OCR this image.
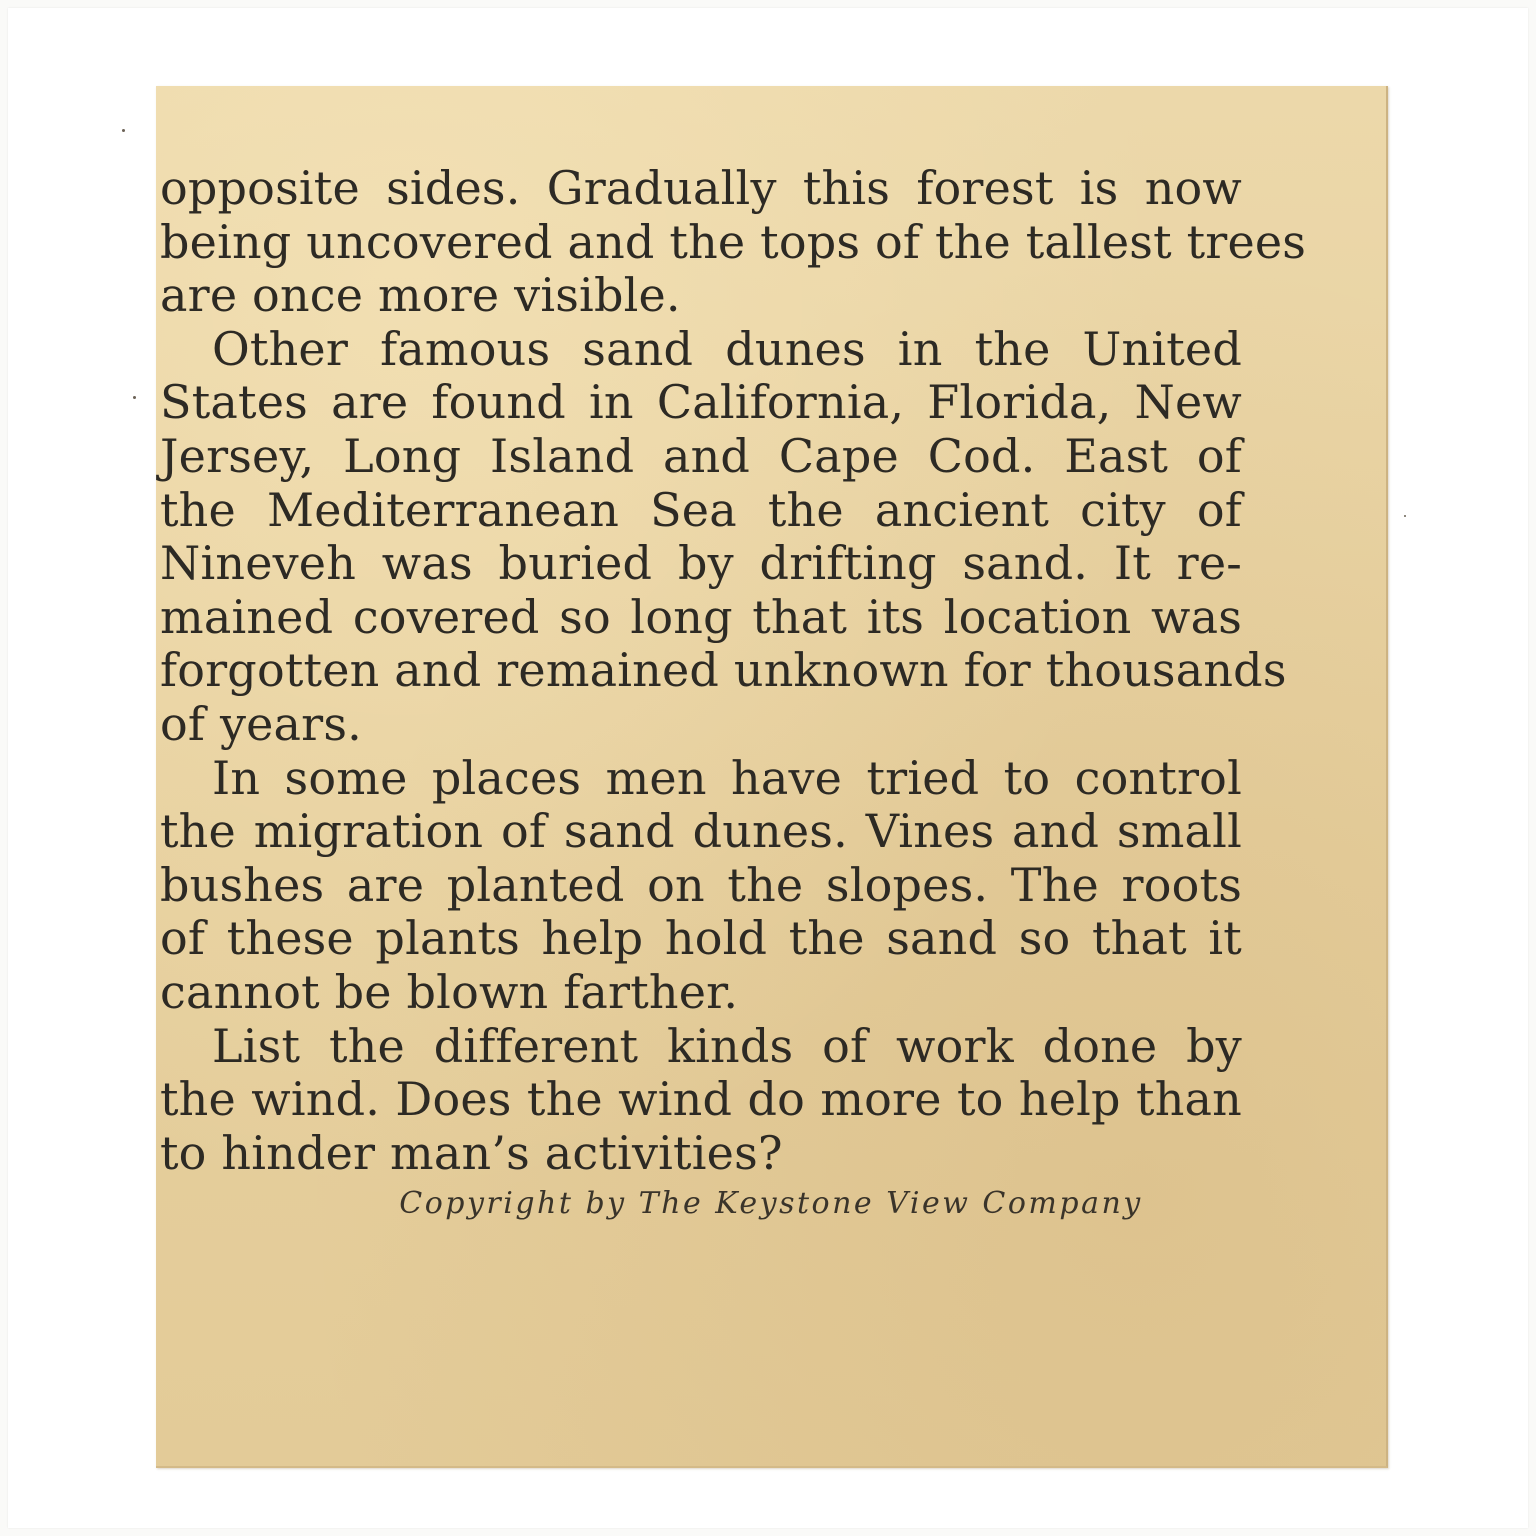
opposite sides. Gradually this forest is now
being uncovered and the tops of the tallest trees
are once more visible.

Other famous sand dunes in the United
States are found in California, Florida, New
Jersey, Long Island and Cape Cod. East of
the Mediterranean Sea the ancient city of
Nineveh was buried by drifting sand. It re-
mained covered so long that its location was
forgotten and remained unknown for thousands
of years.

In some places men have tried to control
the migration of sand dunes. Vines and small
bushes are planted on the slopes. The roots
of these plants help hold the sand so that it
cannot be blown farther.

List the different kinds of work done by
the wind. Does the wind do more to help than
to hinder man’s activities?

Copyright by The Keystone View Company
